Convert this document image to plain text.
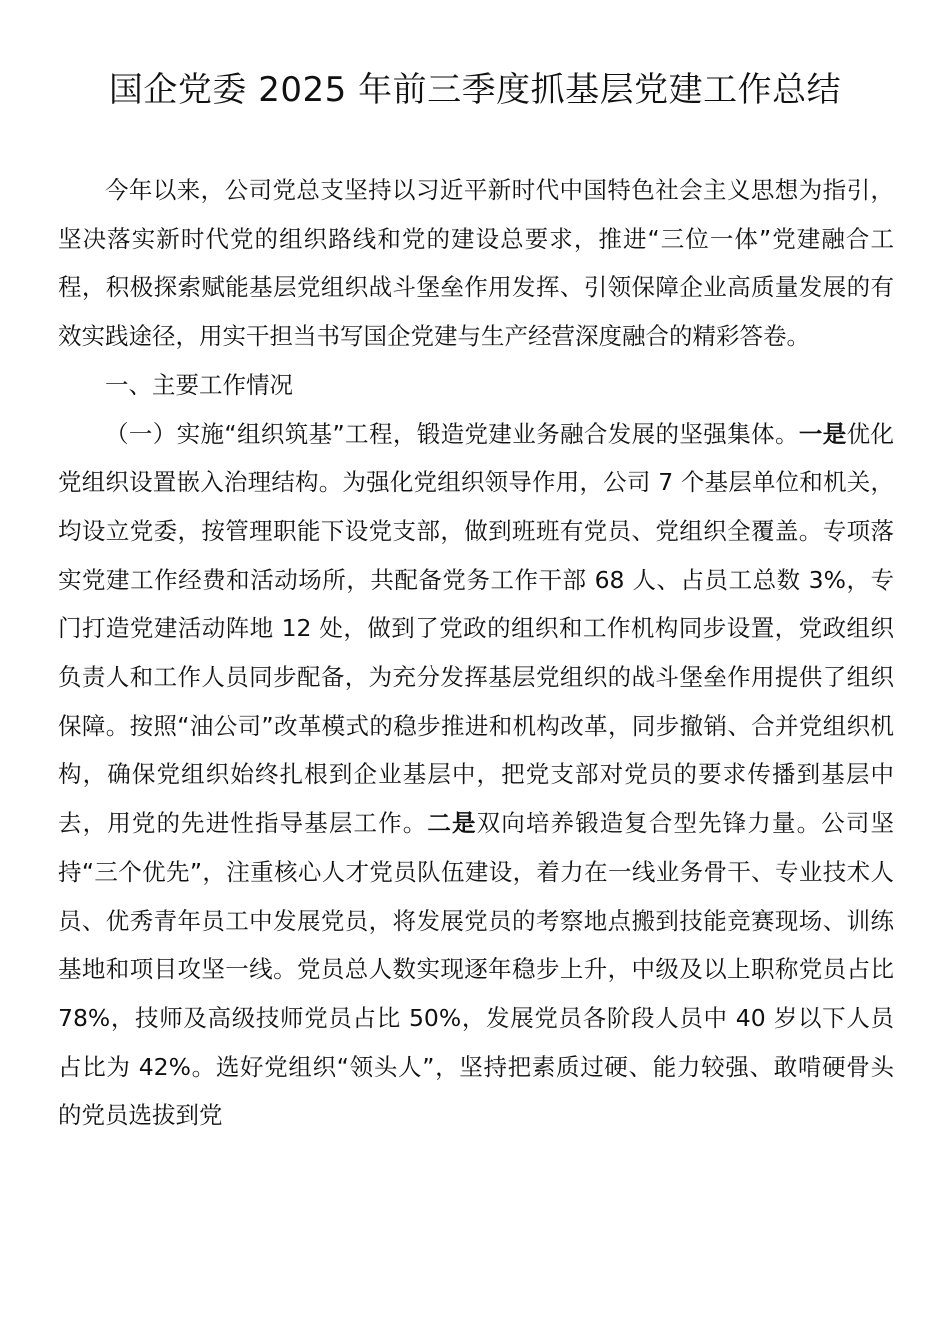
国企党委 2025 年前三季度抓基层党建工作总结

今年以来，公司党总支坚持以习近平新时代中国特色社会主义思想为指引，坚决落实新时代党的组织路线和党的建设总要求，推进“三位一体”党建融合工程，积极探索赋能基层党组织战斗堡垒作用发挥、引领保障企业高质量发展的有效实践途径，用实干担当书写国企党建与生产经营深度融合的精彩答卷。

一、主要工作情况

（一）实施“组织筑基”工程，锻造党建业务融合发展的坚强集体。一是优化党组织设置嵌入治理结构。为强化党组织领导作用，公司 7 个基层单位和机关，均设立党委，按管理职能下设党支部，做到班班有党员、党组织全覆盖。专项落实党建工作经费和活动场所，共配备党务工作干部 68 人、占员工总数 3%，专门打造党建活动阵地 12 处，做到了党政的组织和工作机构同步设置，党政组织负责人和工作人员同步配备，为充分发挥基层党组织的战斗堡垒作用提供了组织保障。按照“油公司”改革模式的稳步推进和机构改革，同步撤销、合并党组织机构，确保党组织始终扎根到企业基层中，把党支部对党员的要求传播到基层中去，用党的先进性指导基层工作。二是双向培养锻造复合型先锋力量。公司坚持“三个优先”，注重核心人才党员队伍建设，着力在一线业务骨干、专业技术人员、优秀青年员工中发展党员，将发展党员的考察地点搬到技能竞赛现场、训练基地和项目攻坚一线。党员总人数实现逐年稳步上升，中级及以上职称党员占比 78%，技师及高级技师党员占比 50%，发展党员各阶段人员中 40 岁以下人员占比为 42%。选好党组织“领头人”，坚持把素质过硬、能力较强、敢啃硬骨头的党员选拔到党
